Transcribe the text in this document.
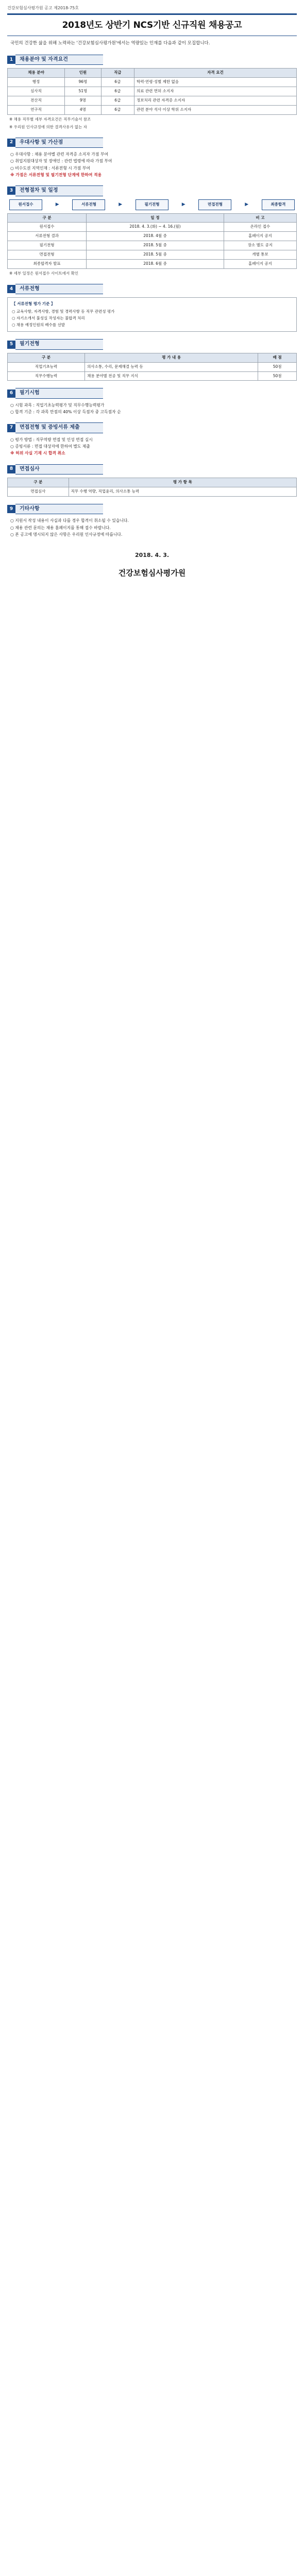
건강보험심사평가원 공고 제2018-75호
2018년도 상반기 NCS기반 신규직원 채용공고
국민의 건강한 삶을 위해 노력하는 '건강보험심사평가원'에서는 역량있는 인재를 다음과 같이 모집합니다.
1	채용분야 및 자격요건
채용 분야	인원	직급	자격 요건
행정	96명	6급	학력·연령·성별 제한 없음
심사직	51명	6급	의료 관련 면허 소지자
전산직	9명	6급	정보처리 관련 자격증 소지자
연구직	4명	6급	관련 분야 석사 이상 학위 소지자
※ 채용 직무별 세부 자격요건은 직무기술서 참조
※ 우리원 인사규정에 의한 결격사유가 없는 자
2	우대사항 및 가산점

○ 우대사항 : 채용 분야별 관련 자격증 소지자 가점 부여

○ 취업지원대상자 및 장애인 : 관련 법령에 따라 가점 부여

○ 비수도권 지역인재 : 서류전형 시 가점 부여

※ 가점은 서류전형 및 필기전형 단계에 한하여 적용

3	전형절차 및 일정
원서접수	▶	서류전형	▶	필기전형	▶	면접전형	▶	최종합격
구 분	일 정	비 고
원서접수	2018. 4. 3.(화) ~ 4. 16.(월)	온라인 접수
서류전형 결과	2018. 4월 중	홈페이지 공지
필기전형	2018. 5월 중	장소 별도 공지
면접전형	2018. 5월 중	개별 통보
최종합격자 발표	2018. 6월 중	홈페이지 공지
※ 세부 일정은 원서접수 사이트에서 확인
4	서류전형
【 서류전형 평가 기준 】
○ 교육사항, 자격사항, 경험 및 경력사항 등 직무 관련성 평가
○ 자기소개서 불성실 작성자는 불합격 처리
○ 채용 예정인원의 배수를 선발
5	필기전형
구 분	평 가 내 용	배 점
직업기초능력	의사소통, 수리, 문제해결 능력 등	50점
직무수행능력	채용 분야별 전공 및 직무 지식	50점
6	필기시험

○ 시험 과목 : 직업기초능력평가 및 직무수행능력평가

○ 합격 기준 : 각 과목 만점의 40% 이상 득점자 중 고득점자 순

7	면접전형 및 증빙서류 제출

○ 평가 방법 : 직무역량 면접 및 인성 면접 실시

○ 증빙서류 : 면접 대상자에 한하여 별도 제출

※ 허위 사실 기재 시 합격 취소

8	면접심사
구 분	평 가 항 목
면접심사	직무 수행 역량, 직업윤리, 의사소통 능력
9	기타사항

○ 지원서 작성 내용이 사실과 다를 경우 합격이 취소될 수 있습니다.

○ 채용 관련 문의는 채용 홈페이지를 통해 접수 바랍니다.

○ 본 공고에 명시되지 않은 사항은 우리원 인사규정에 따릅니다.

2018. 4. 3.
건강보험심사평가원
